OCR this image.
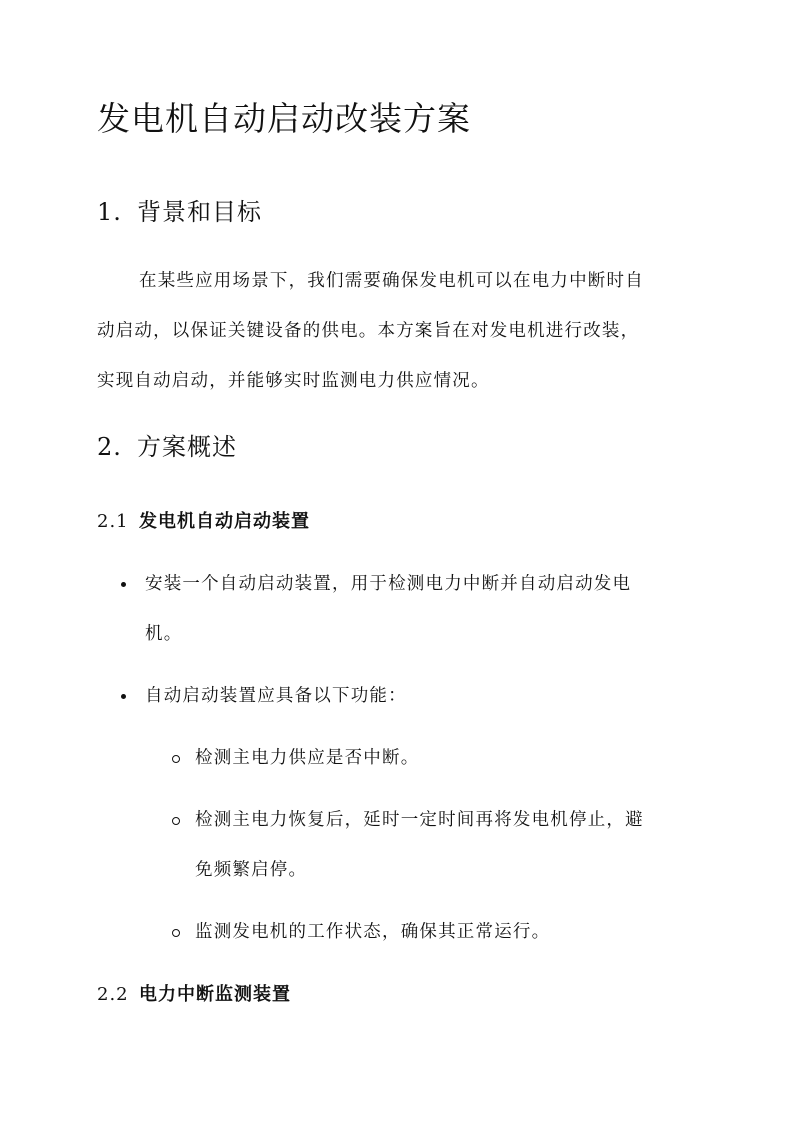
发电机自动启动改装方案
1. 背景和目标
在某些应用场景下，我们需要确保发电机可以在电力中断时自
动启动，以保证关键设备的供电。本方案旨在对发电机进行改装，
实现自动启动，并能够实时监测电力供应情况。
2. 方案概述
2.1 发电机自动启动装置
安装一个自动启动装置，用于检测电力中断并自动启动发电
机。
自动启动装置应具备以下功能：
检测主电力供应是否中断。
检测主电力恢复后，延时一定时间再将发电机停止，避
免频繁启停。
监测发电机的工作状态，确保其正常运行。
2.2 电力中断监测装置
